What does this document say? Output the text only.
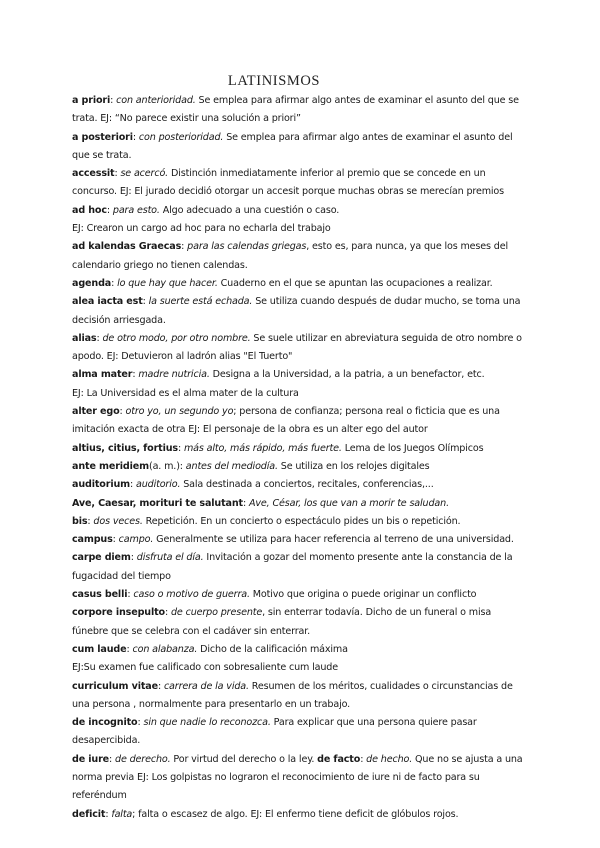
LATINISMOS

a priori: con anterioridad. Se emplea para afirmar algo antes de examinar el asunto del que se trata. EJ: “No parece existir una solución a priori”

a posteriori: con posterioridad. Se emplea para afirmar algo antes de examinar el asunto del que se trata.

accessit: se acercó. Distinción inmediatamente inferior al premio que se concede en un concurso. EJ: El jurado decidió otorgar un accesit porque muchas obras se merecían premios

ad hoc: para esto. Algo adecuado a una cuestión o caso.

EJ: Crearon un cargo ad hoc para no echarla del trabajo

ad kalendas Graecas: para las calendas griegas, esto es, para nunca, ya que los meses del calendario griego no tienen calendas.

agenda: lo que hay que hacer. Cuaderno en el que se apuntan las ocupaciones a realizar.

alea iacta est: la suerte está echada. Se utiliza cuando después de dudar mucho, se toma una decisión arriesgada.

alias: de otro modo, por otro nombre. Se suele utilizar en abreviatura seguida de otro nombre o apodo. EJ: Detuvieron al ladrón alias "El Tuerto"

alma mater: madre nutricia. Designa a la Universidad, a la patria, a un benefactor, etc.

EJ: La Universidad es el alma mater de la cultura

alter ego: otro yo, un segundo yo; persona de confianza; persona real o ficticia que es una imitación exacta de otra EJ: El personaje de la obra es un alter ego del autor

altius, citius, fortius: más alto, más rápido, más fuerte. Lema de los Juegos Olímpicos

ante meridiem(a. m.): antes del mediodía. Se utiliza en los relojes digitales

auditorium: auditorio. Sala destinada a conciertos, recitales, conferencias,...

Ave, Caesar, morituri te salutant: Ave, César, los que van a morir te saludan.

bis: dos veces. Repetición. En un concierto o espectáculo pides un bis o repetición.

campus: campo. Generalmente se utiliza para hacer referencia al terreno de una universidad.

carpe diem: disfruta el día. Invitación a gozar del momento presente ante la constancia de la fugacidad del tiempo

casus belli: caso o motivo de guerra. Motivo que origina o puede originar un conflicto

corpore insepulto: de cuerpo presente, sin enterrar todavía. Dicho de un funeral o misa fúnebre que se celebra con el cadáver sin enterrar.

cum laude: con alabanza. Dicho de la calificación máxima

EJ:Su examen fue calificado con sobresaliente cum laude

curriculum vitae: carrera de la vida. Resumen de los méritos, cualidades o circunstancias de una persona , normalmente para presentarlo en un trabajo.

de incognito: sin que nadie lo reconozca. Para explicar que una persona quiere pasar desapercibida.

de iure: de derecho. Por virtud del derecho o la ley. de facto: de hecho. Que no se ajusta a una norma previa EJ: Los golpistas no lograron el reconocimiento de iure ni de facto para su referéndum

deficit: falta; falta o escasez de algo. EJ: El enfermo tiene deficit de glóbulos rojos.
